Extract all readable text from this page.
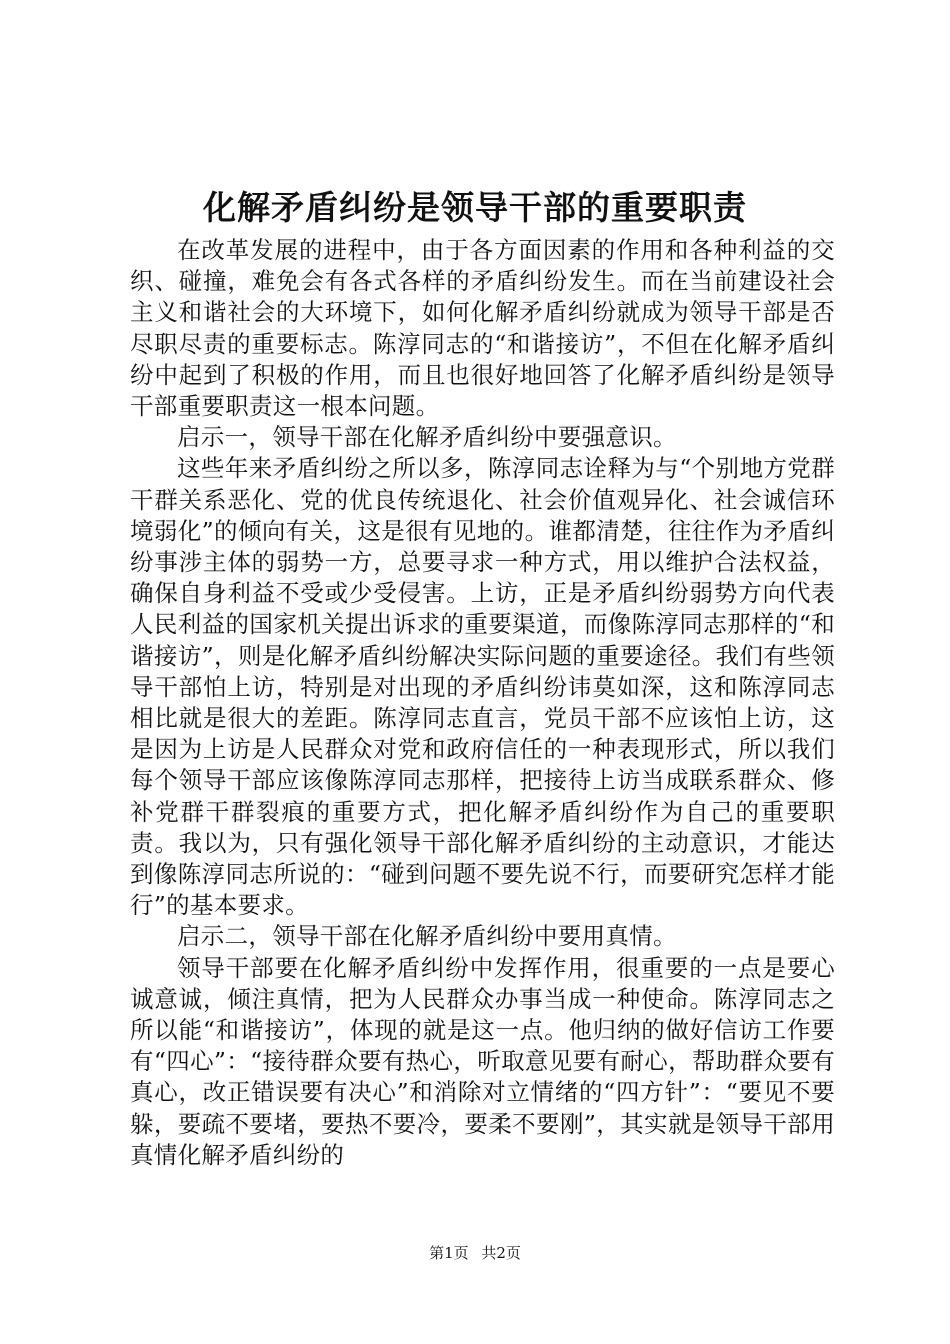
化解矛盾纠纷是领导干部的重要职责

在改革发展的进程中，由于各方面因素的作用和各种利益的交织、碰撞，难免会有各式各样的矛盾纠纷发生。而在当前建设社会主义和谐社会的大环境下，如何化解矛盾纠纷就成为领导干部是否尽职尽责的重要标志。陈淳同志的“和谐接访”，不但在化解矛盾纠纷中起到了积极的作用，而且也很好地回答了化解矛盾纠纷是领导干部重要职责这一根本问题。

启示一，领导干部在化解矛盾纠纷中要强意识。

这些年来矛盾纠纷之所以多，陈淳同志诠释为与“个别地方党群干群关系恶化、党的优良传统退化、社会价值观异化、社会诚信环境弱化”的倾向有关，这是很有见地的。谁都清楚，往往作为矛盾纠纷事涉主体的弱势一方，总要寻求一种方式，用以维护合法权益，确保自身利益不受或少受侵害。上访，正是矛盾纠纷弱势方向代表人民利益的国家机关提出诉求的重要渠道，而像陈淳同志那样的“和谐接访”，则是化解矛盾纠纷解决实际问题的重要途径。我们有些领导干部怕上访，特别是对出现的矛盾纠纷讳莫如深，这和陈淳同志相比就是很大的差距。陈淳同志直言，党员干部不应该怕上访，这是因为上访是人民群众对党和政府信任的一种表现形式，所以我们每个领导干部应该像陈淳同志那样，把接待上访当成联系群众、修补党群干群裂痕的重要方式，把化解矛盾纠纷作为自己的重要职责。我以为，只有强化领导干部化解矛盾纠纷的主动意识，才能达到像陈淳同志所说的：“碰到问题不要先说不行，而要研究怎样才能行”的基本要求。

启示二，领导干部在化解矛盾纠纷中要用真情。

领导干部要在化解矛盾纠纷中发挥作用，很重要的一点是要心诚意诚，倾注真情，把为人民群众办事当成一种使命。陈淳同志之所以能“和谐接访”，体现的就是这一点。他归纳的做好信访工作要有“四心”：“接待群众要有热心，听取意见要有耐心，帮助群众要有真心，改正错误要有决心”和消除对立情绪的“四方针”：“要见不要躲，要疏不要堵，要热不要冷，要柔不要刚”，其实就是领导干部用真情化解矛盾纠纷的

第1页 共2页
